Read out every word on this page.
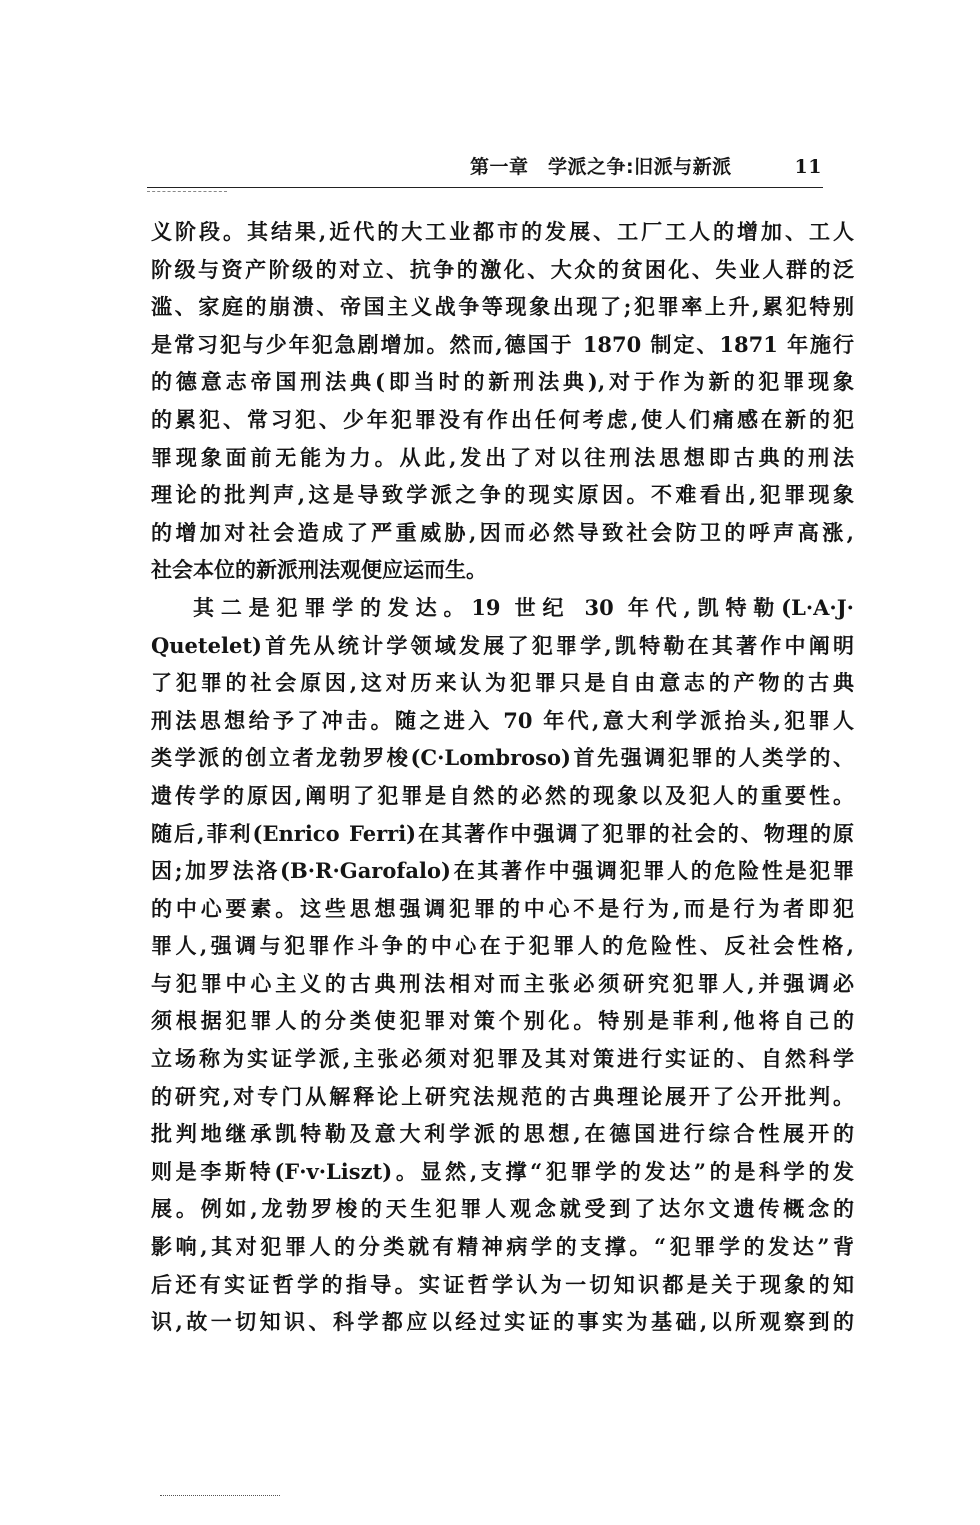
第一章　学派之争:旧派与新派	11
义阶段。其结果,近代的大工业都市的发展、工厂工人的增加、工人
阶级与资产阶级的对立、抗争的激化、大众的贫困化、失业人群的泛
滥、家庭的崩溃、帝国主义战争等现象出现了;犯罪率上升,累犯特别
是常习犯与少年犯急剧增加。然而,德国于 1870 制定、1871 年施行
的德意志帝国刑法典(即当时的新刑法典),对于作为新的犯罪现象
的累犯、常习犯、少年犯罪没有作出任何考虑,使人们痛感在新的犯
罪现象面前无能为力。从此,发出了对以往刑法思想即古典的刑法
理论的批判声,这是导致学派之争的现实原因。不难看出,犯罪现象
的增加对社会造成了严重威胁,因而必然导致社会防卫的呼声高涨,
社会本位的新派刑法观便应运而生。
其二是犯罪学的发达。19 世纪 30 年代,凯特勒(L·A·J·
Quetelet)首先从统计学领域发展了犯罪学,凯特勒在其著作中阐明
了犯罪的社会原因,这对历来认为犯罪只是自由意志的产物的古典
刑法思想给予了冲击。随之进入 70 年代,意大利学派抬头,犯罪人
类学派的创立者龙勃罗梭(C·Lombroso)首先强调犯罪的人类学的、
遗传学的原因,阐明了犯罪是自然的必然的现象以及犯人的重要性。
随后,菲利(Enrico Ferri)在其著作中强调了犯罪的社会的、物理的原
因;加罗法洛(B·R·Garofalo)在其著作中强调犯罪人的危险性是犯罪
的中心要素。这些思想强调犯罪的中心不是行为,而是行为者即犯
罪人,强调与犯罪作斗争的中心在于犯罪人的危险性、反社会性格,
与犯罪中心主义的古典刑法相对而主张必须研究犯罪人,并强调必
须根据犯罪人的分类使犯罪对策个别化。特别是菲利,他将自己的
立场称为实证学派,主张必须对犯罪及其对策进行实证的、自然科学
的研究,对专门从解释论上研究法规范的古典理论展开了公开批判。
批判地继承凯特勒及意大利学派的思想,在德国进行综合性展开的
则是李斯特(F·v·Liszt)。显然,支撑“犯罪学的发达”的是科学的发
展。例如,龙勃罗梭的天生犯罪人观念就受到了达尔文遗传概念的
影响,其对犯罪人的分类就有精神病学的支撑。“犯罪学的发达”背
后还有实证哲学的指导。实证哲学认为一切知识都是关于现象的知
识,故一切知识、科学都应以经过实证的事实为基础,以所观察到的
